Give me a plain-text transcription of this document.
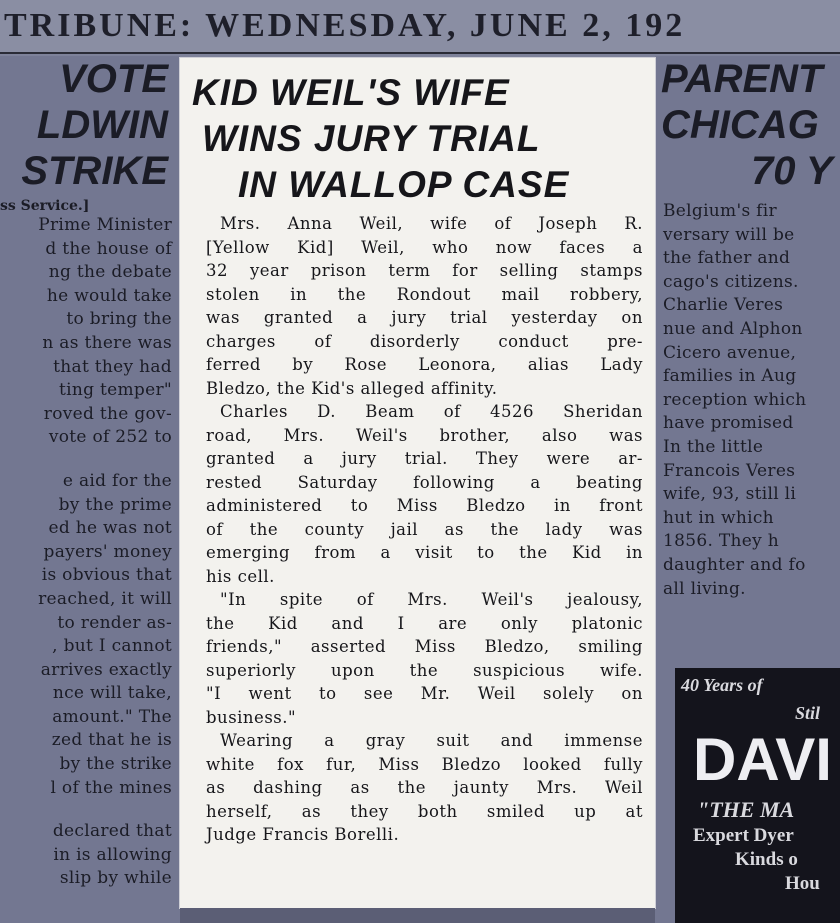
TRIBUNE: WEDNESDAY, JUNE 2, 192
VOTE
LDWIN
STRIKE
ss Service.]
Prime Minister
d the house of
ng the debate
he would take
to bring the
n as there was
that they had
ting temper"
roved the gov-
vote of 252 to
e aid for the
by the prime
ed he was not
payers' money
is obvious that
reached, it will
to render as-
, but I cannot
arrives exactly
nce will take,
amount." The
zed that he is
by the strike
l of the mines
declared that
in is allowing
slip by while
PARENT
CHICAG
70 Y
Belgium's fir
versary will be
the father and
cago's citizens.
Charlie Veres
nue and Alphon
Cicero avenue,
families in Aug
reception which
have promised
In the little
Francois Veres
wife, 93, still li
hut in which
1856. They h
daughter and fo
all living.
40 Years of
Stil
DAVI
"THE MA
Expert Dyer
Kinds o
Hou
KID WEIL'S WIFE
WINS JURY TRIAL
IN WALLOP CASE
Mrs. Anna Weil, wife of Joseph R.
[Yellow Kid] Weil, who now faces a
32 year prison term for selling stamps
stolen in the Rondout mail robbery,
was granted a jury trial yesterday on
charges of disorderly conduct pre-
ferred by Rose Leonora, alias Lady
Bledzo, the Kid's alleged affinity.
Charles D. Beam of 4526 Sheridan
road, Mrs. Weil's brother, also was
granted a jury trial. They were ar-
rested Saturday following a beating
administered to Miss Bledzo in front
of the county jail as the lady was
emerging from a visit to the Kid in
his cell.
"In spite of Mrs. Weil's jealousy,
the Kid and I are only platonic
friends," asserted Miss Bledzo, smiling
superiorly upon the suspicious wife.
"I went to see Mr. Weil solely on
business."
Wearing a gray suit and immense
white fox fur, Miss Bledzo looked fully
as dashing as the jaunty Mrs. Weil
herself, as they both smiled up at
Judge Francis Borelli.
